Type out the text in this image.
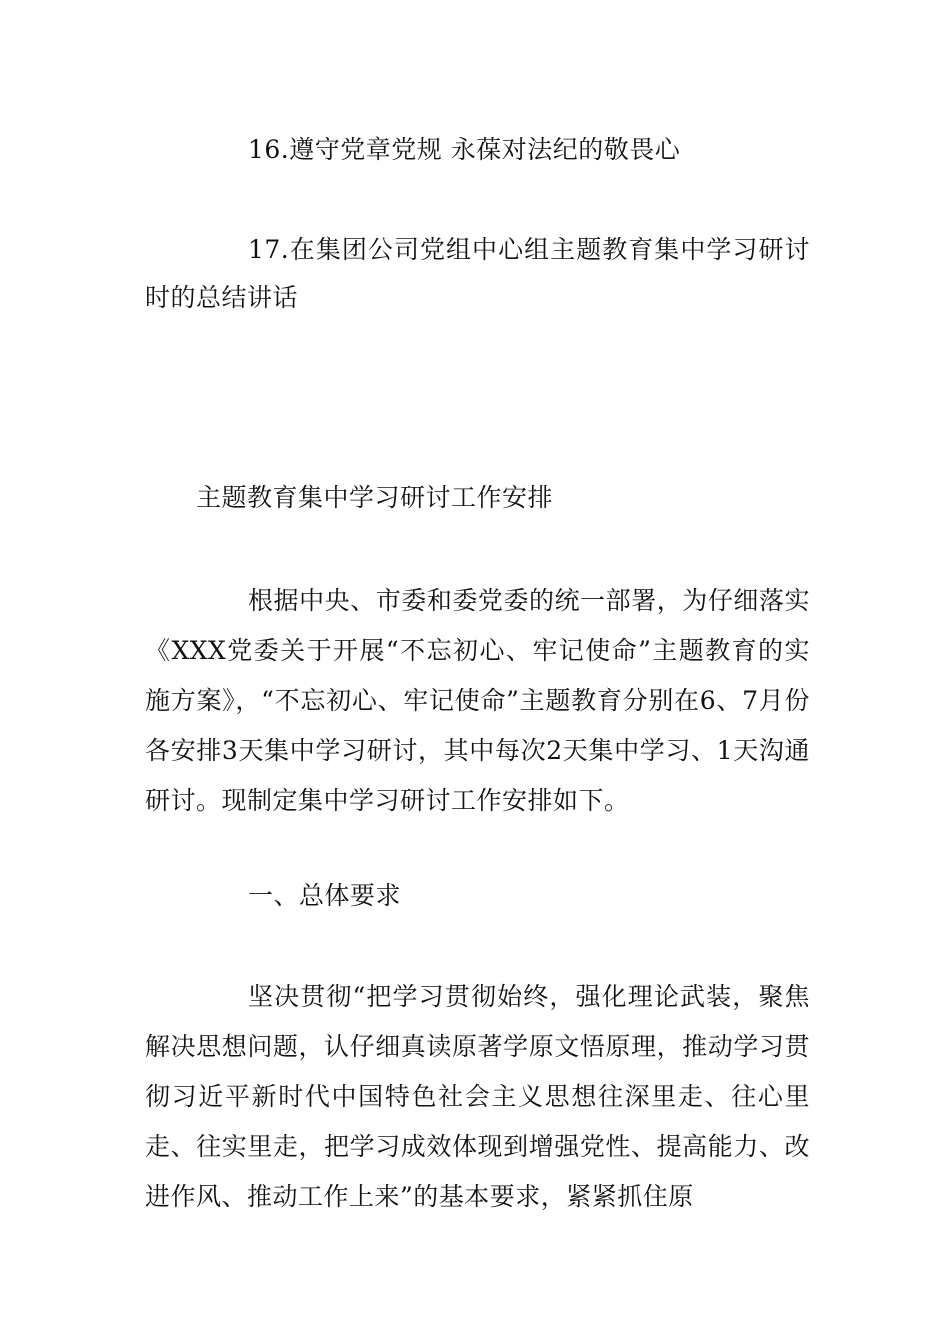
16.遵守党章党规 永葆对法纪的敬畏心

17.在集团公司党组中心组主题教育集中学习研讨时的总结讲话

主题教育集中学习研讨工作安排

根据中央、市委和委党委的统一部署，为仔细落实《XXX党委关于开展“不忘初心、牢记使命”主题教育的实施方案》，“不忘初心、牢记使命”主题教育分别在6、7月份各安排3天集中学习研讨，其中每次2天集中学习、1天沟通研讨。现制定集中学习研讨工作安排如下。

一、总体要求

坚决贯彻“把学习贯彻始终，强化理论武装，聚焦解决思想问题，认仔细真读原著学原文悟原理，推动学习贯彻习近平新时代中国特色社会主义思想往深里走、往心里走、往实里走，把学习成效体现到增强党性、提高能力、改进作风、推动工作上来”的基本要求，紧紧抓住原
